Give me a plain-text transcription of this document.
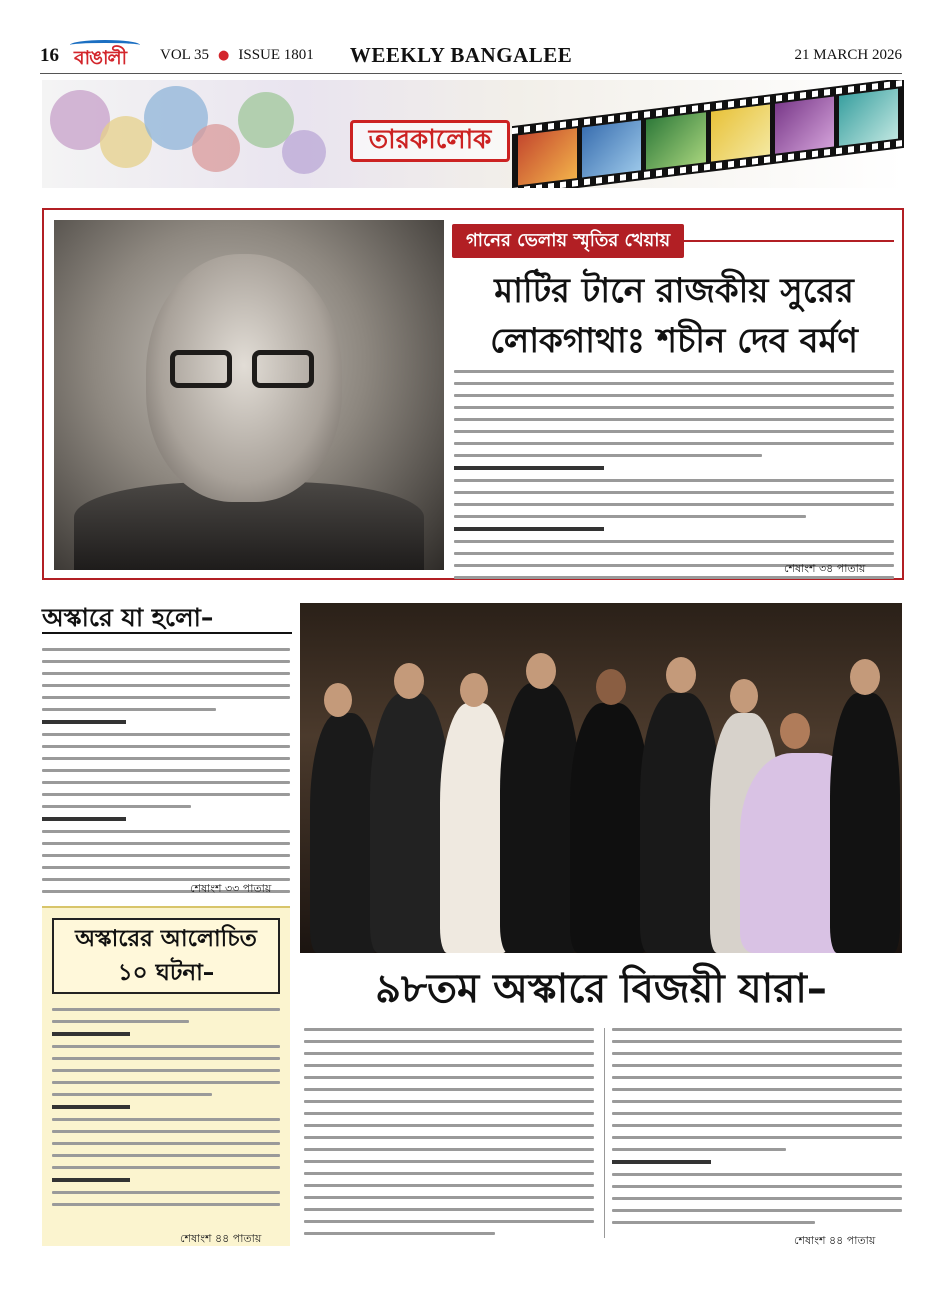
16 বাঙালী VOL 35 ● ISSUE 1801 WEEKLY BANGALEE	21 MARCH 2026
তারকালোক
গানের ভেলায় স্মৃতির খেয়ায়
মাটির টানে রাজকীয় সুরের
লোকগাথাঃ শচীন দেব বর্মণ
শেষাংশ ৩৪ পাতায়
অস্কারে যা হলো–
শেষাংশ ৩৩ পাতায়
অস্কারের আলোচিত
১০ ঘটনা–
শেষাংশ ৪৪ পাতায়
৯৮তম অস্কারে বিজয়ী যারা–
শেষাংশ ৪৪ পাতায়
